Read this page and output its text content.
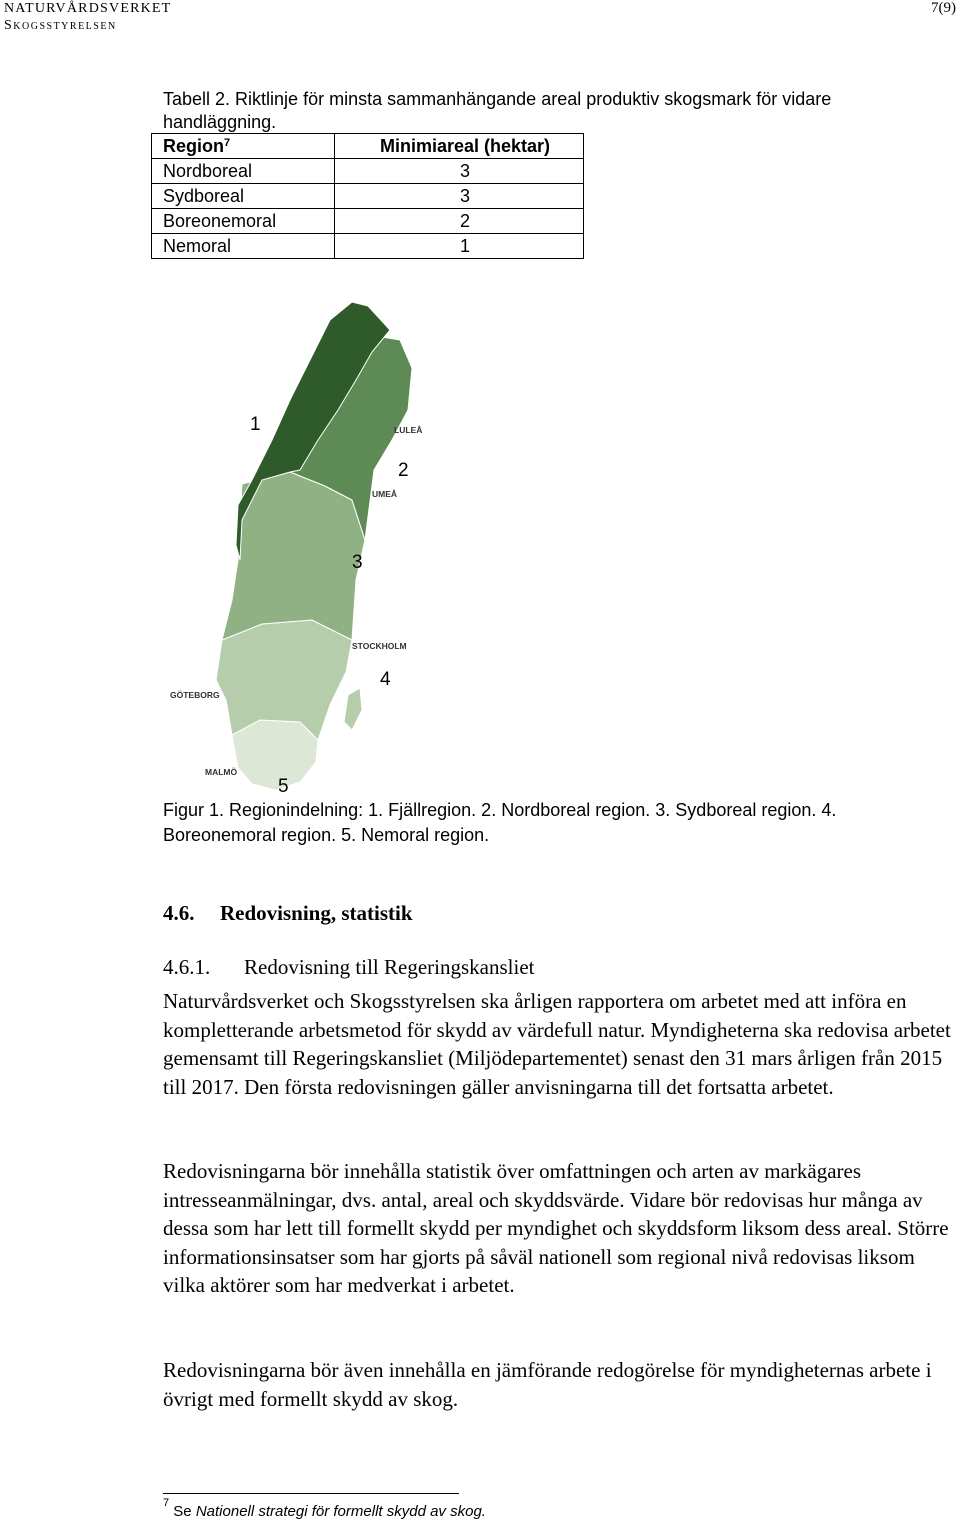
NATURVÅRDSVERKET
Skogsstyrelsen
7(9)
Tabell 2. Riktlinje för minsta sammanhängande areal produktiv skogsmark för vidare handläggning.
Region$^7$	Minimiareal (hektar)
Nordboreal	3
Sydboreal	3
Boreonemoral	2
Nemoral	1
1
2
3
4
5
LULEÅ
UMEÅ
STOCKHOLM
GÖTEBORG
MALMÖ
Figur 1. Regionindelning: 1. Fjällregion. 2. Nordboreal region. 3. Sydboreal region. 4. Boreonemoral region. 5. Nemoral region.
4.6. Redovisning, statistik
4.6.1. Redovisning till Regeringskansliet
Naturvårdsverket och Skogsstyrelsen ska årligen rapportera om arbetet med att införa en kompletterande arbetsmetod för skydd av värdefull natur. Myndigheterna ska redovisa arbetet gemensamt till Regeringskansliet (Miljödepartementet) senast den 31 mars årligen från 2015 till 2017. Den första redovisningen gäller anvisningarna till det fortsatta arbetet.
Redovisningarna bör innehålla statistik över omfattningen och arten av markägares intresseanmälningar, dvs. antal, areal och skyddsvärde. Vidare bör redovisas hur många av dessa som har lett till formellt skydd per myndighet och skyddsform liksom dess areal. Större informationsinsatser som har gjorts på såväl nationell som regional nivå redovisas liksom vilka aktörer som har medverkat i arbetet.
Redovisningarna bör även innehålla en jämförande redogörelse för myndigheternas arbete i övrigt med formellt skydd av skog.
$^7$ Se Nationell strategi för formellt skydd av skog.
